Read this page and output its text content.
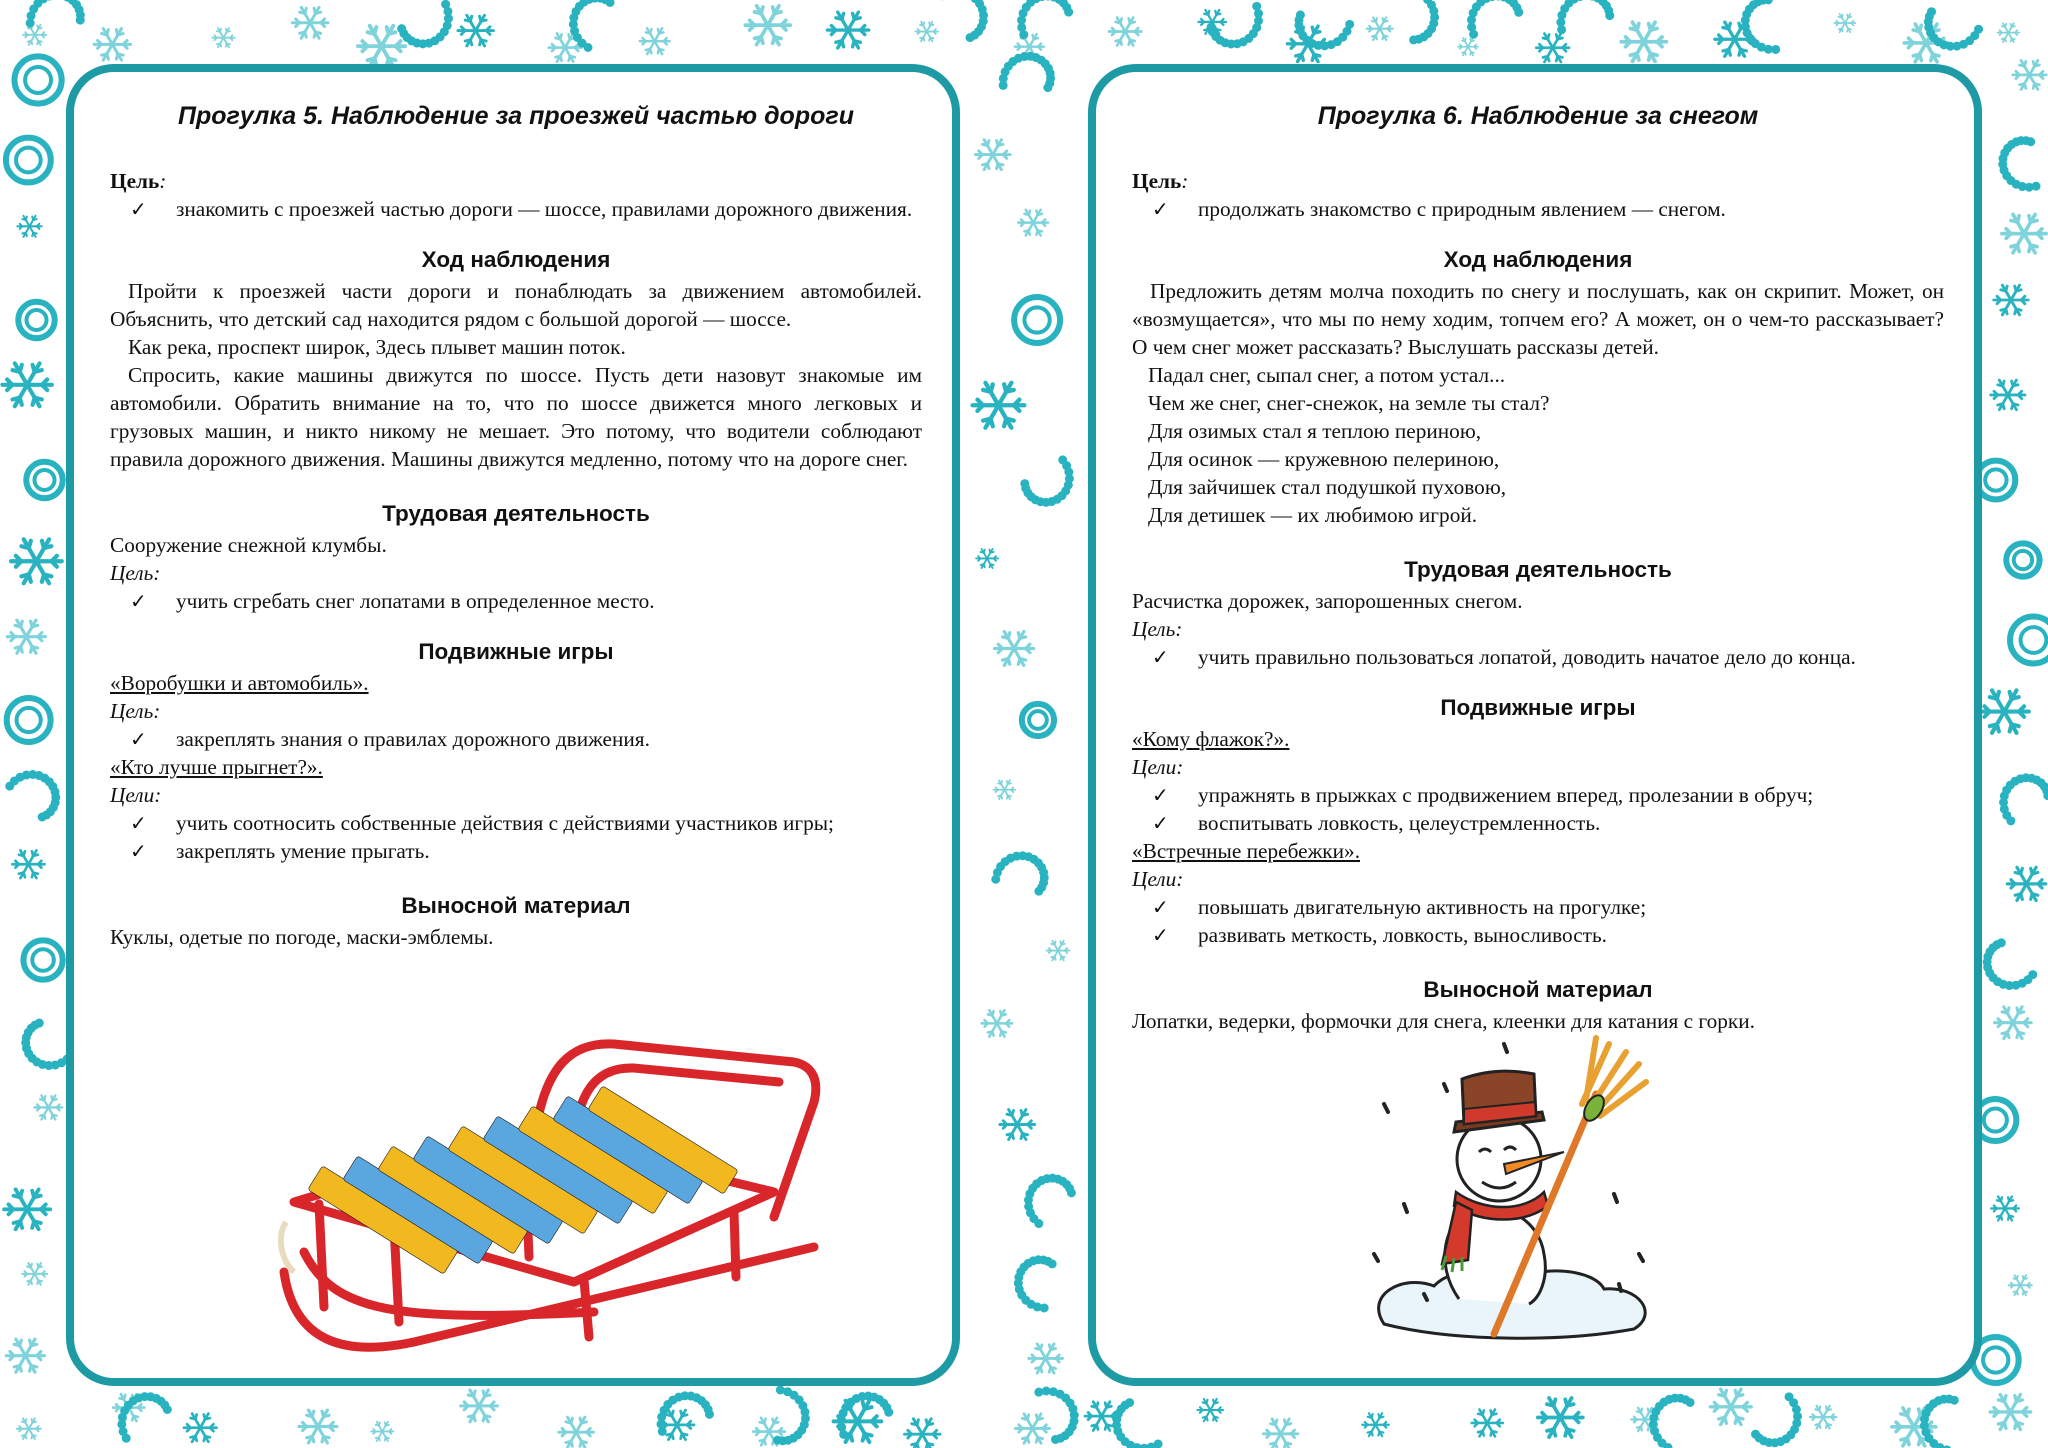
Прогулка 5. Наблюдение за проезжей частью дороги

Цель:

✓	знакомить с проезжей частью дороги — шоссе, правилами дорожного движения.
Ход наблюдения

Пройти к проезжей части дороги и понаблюдать за движением автомобилей. Объяснить, что детский сад находится рядом с большой дорогой — шоссе.

Как река, проспект широк, Здесь плывет машин поток.

Спросить, какие машины движутся по шоссе. Пусть дети назовут знакомые им автомобили. Обратить внимание на то, что по шоссе движется много легковых и грузовых машин, и никто никому не мешает. Это потому, что водители соблюдают правила дорожного движения. Машины движутся медленно, потому что на дороге снег.

Трудовая деятельность

Сооружение снежной клумбы.

Цель:

✓	учить сгребать снег лопатами в определенное место.
Подвижные игры

«Воробушки и автомобиль».

Цель:

✓	закреплять знания о правилах дорожного движения.

«Кто лучше прыгнет?».

Цели:

✓	учить соотносить собственные действия с действиями участников игры;
✓	закреплять умение прыгать.
Выносной материал

Куклы, одетые по погоде, маски-эмблемы.

Прогулка 6. Наблюдение за снегом

Цель:

✓	продолжать знакомство с природным явлением — снегом.
Ход наблюдения

Предложить детям молча походить по снегу и послушать, как он скрипит. Может, он «возмущается», что мы по нему ходим, топчем его? А может, он о чем-то рассказывает? О чем снег может рассказать? Выслушать рассказы детей.

Падал снег, сыпал снег, а потом устал...

Чем же снег, снег-снежок, на земле ты стал?

Для озимых стал я теплою периною,

Для осинок — кружевною пелериною,

Для зайчишек стал подушкой пуховою,

Для детишек — их любимою игрой.

Трудовая деятельность

Расчистка дорожек, запорошенных снегом.

Цель:

✓	учить правильно пользоваться лопатой, доводить начатое дело до конца.
Подвижные игры

«Кому флажок?».

Цели:

✓	упражнять в прыжках с продвижением вперед, пролезании в обруч;
✓	воспитывать ловкость, целеустремленность.

«Встречные перебежки».

Цели:

✓	повышать двигательную активность на прогулке;
✓	развивать меткость, ловкость, выносливость.
Выносной материал

Лопатки, ведерки, формочки для снега, клеенки для катания с горки.
